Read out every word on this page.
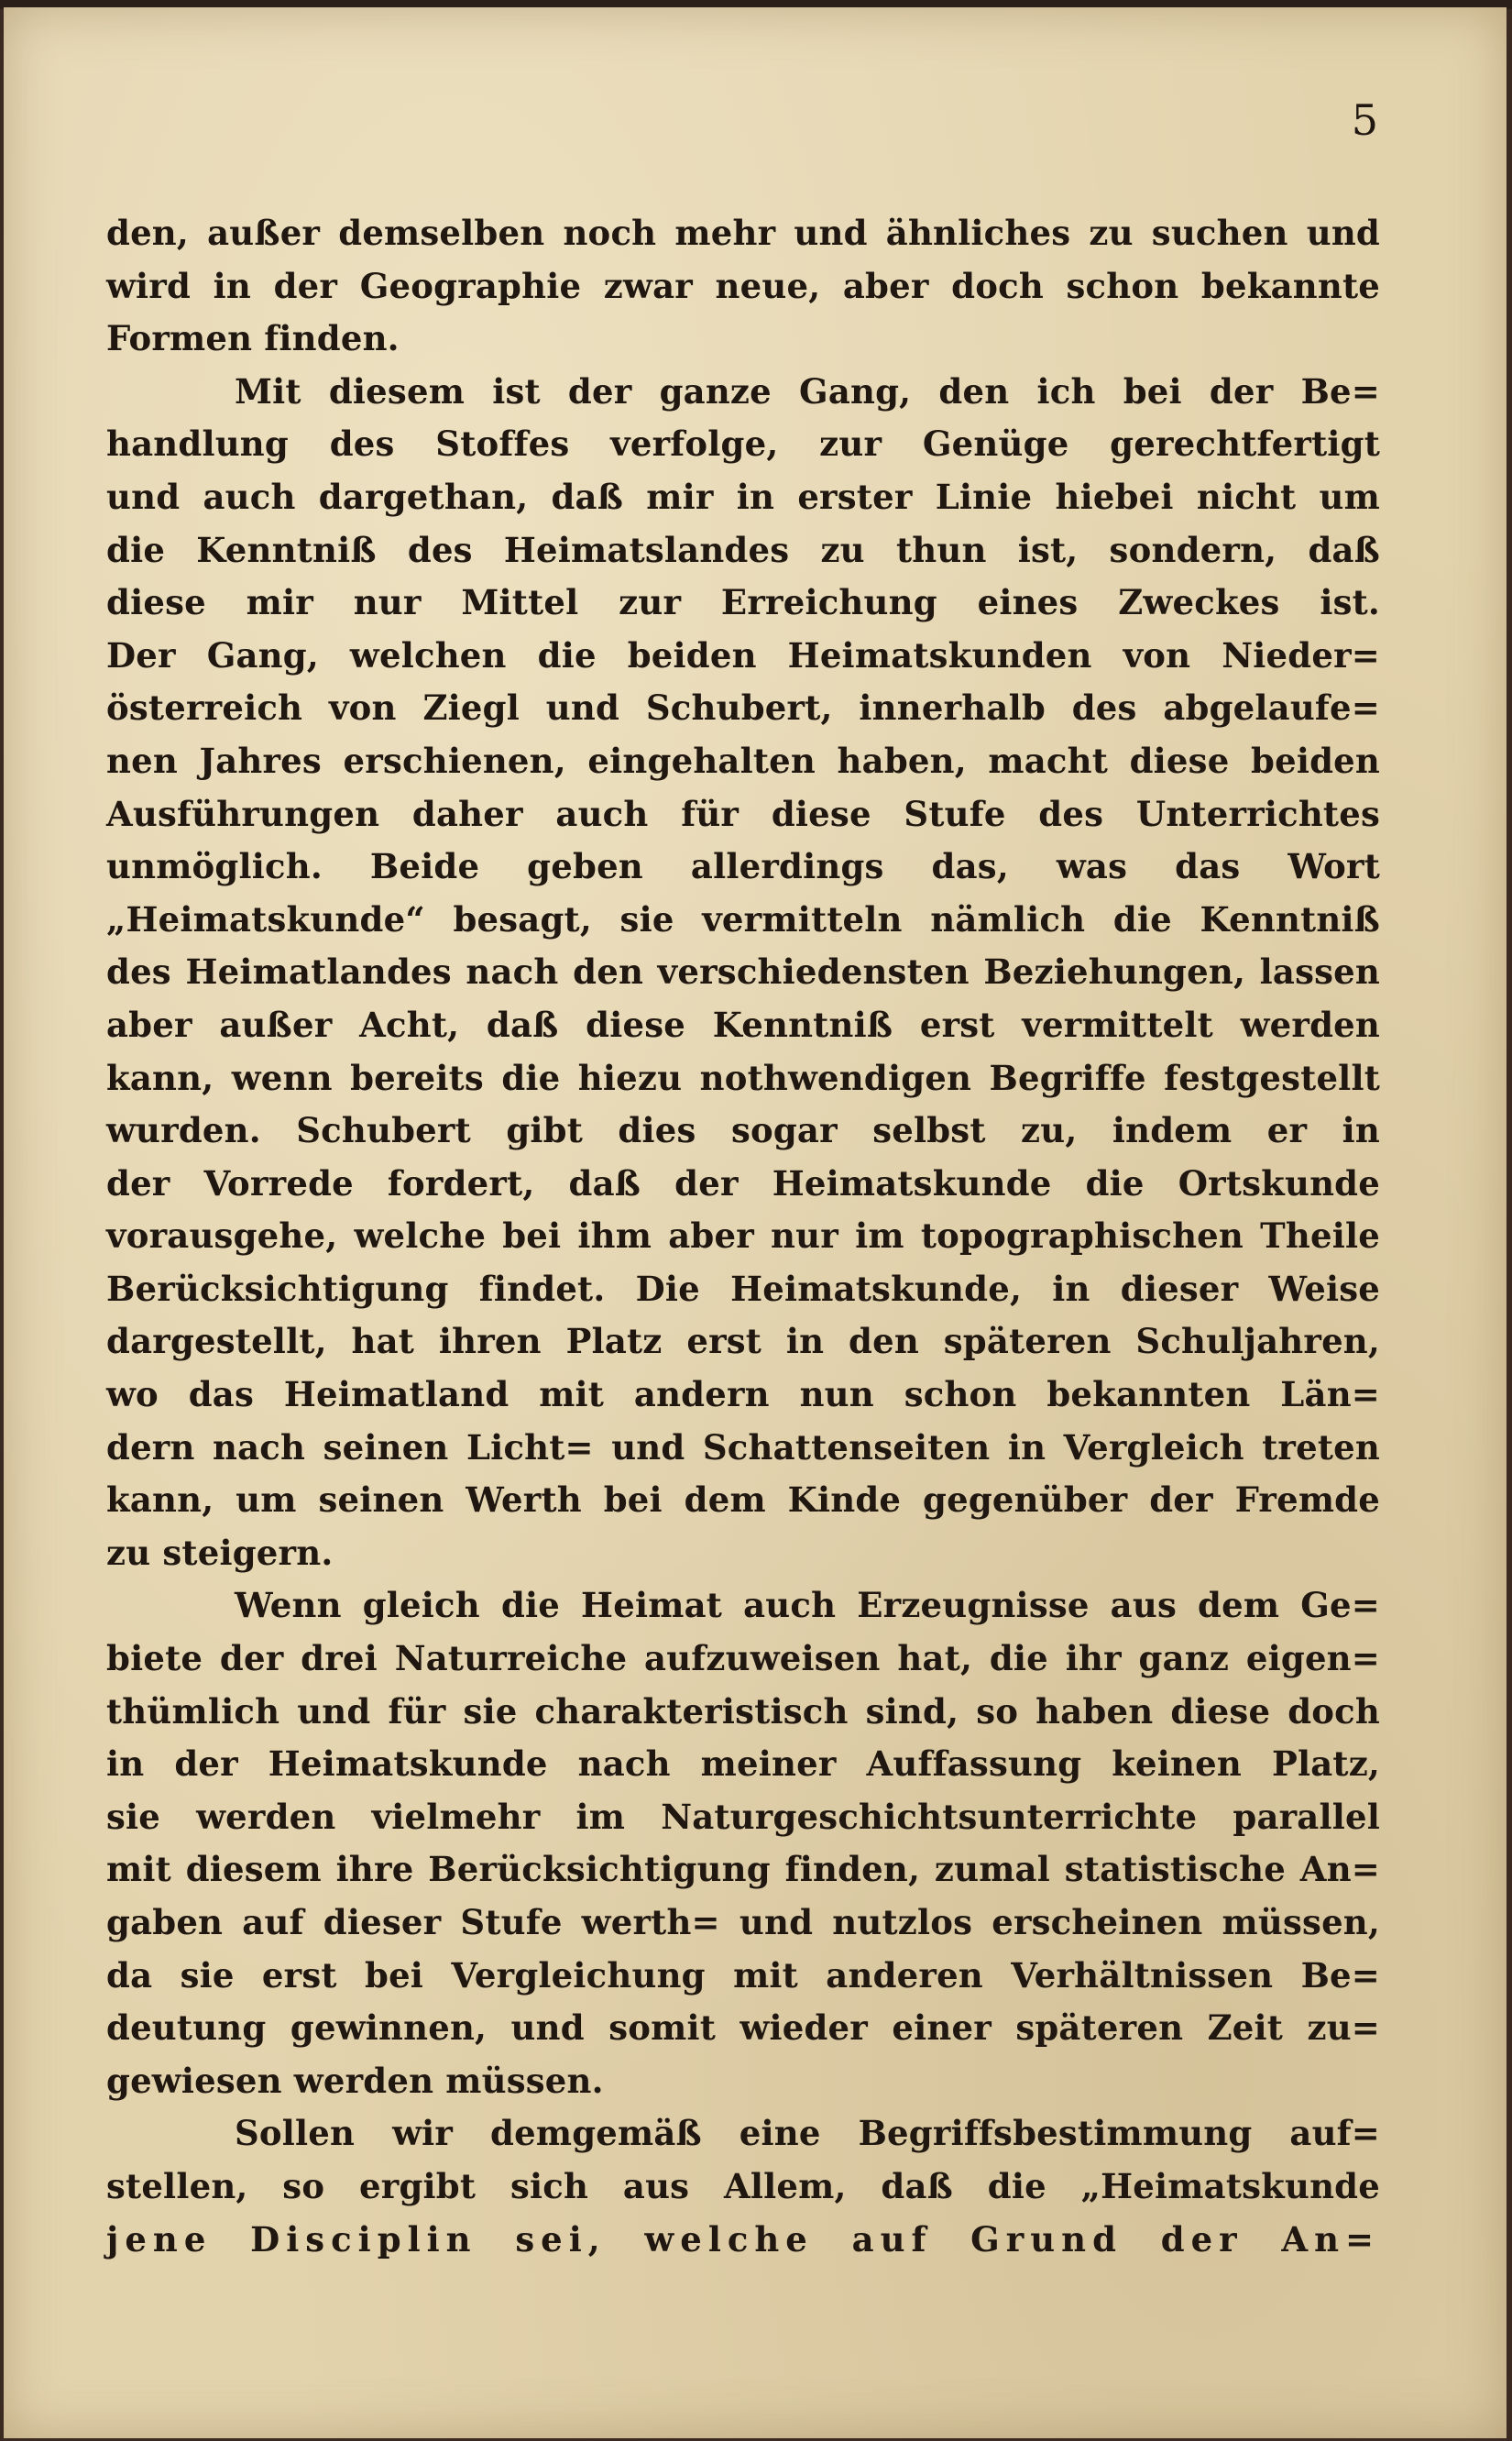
5
den, außer demselben noch mehr und ähnliches zu suchen und
wird in der Geographie zwar neue, aber doch schon bekannte
Formen finden.
Mit diesem ist der ganze Gang, den ich bei der Be=
handlung des Stoffes verfolge, zur Genüge gerechtfertigt
und auch dargethan, daß mir in erster Linie hiebei nicht um
die Kenntniß des Heimatslandes zu thun ist, sondern, daß
diese mir nur Mittel zur Erreichung eines Zweckes ist.
Der Gang, welchen die beiden Heimatskunden von Nieder=
österreich von Ziegl und Schubert, innerhalb des abgelaufe=
nen Jahres erschienen, eingehalten haben, macht diese beiden
Ausführungen daher auch für diese Stufe des Unterrichtes
unmöglich. Beide geben allerdings das, was das Wort
„Heimatskunde“ besagt, sie vermitteln nämlich die Kenntniß
des Heimatlandes nach den verschiedensten Beziehungen, lassen
aber außer Acht, daß diese Kenntniß erst vermittelt werden
kann, wenn bereits die hiezu nothwendigen Begriffe festgestellt
wurden. Schubert gibt dies sogar selbst zu, indem er in
der Vorrede fordert, daß der Heimatskunde die Ortskunde
vorausgehe, welche bei ihm aber nur im topographischen Theile
Berücksichtigung findet. Die Heimatskunde, in dieser Weise
dargestellt, hat ihren Platz erst in den späteren Schuljahren,
wo das Heimatland mit andern nun schon bekannten Län=
dern nach seinen Licht= und Schattenseiten in Vergleich treten
kann, um seinen Werth bei dem Kinde gegenüber der Fremde
zu steigern.
Wenn gleich die Heimat auch Erzeugnisse aus dem Ge=
biete der drei Naturreiche aufzuweisen hat, die ihr ganz eigen=
thümlich und für sie charakteristisch sind, so haben diese doch
in der Heimatskunde nach meiner Auffassung keinen Platz,
sie werden vielmehr im Naturgeschichtsunterrichte parallel
mit diesem ihre Berücksichtigung finden, zumal statistische An=
gaben auf dieser Stufe werth= und nutzlos erscheinen müssen,
da sie erst bei Vergleichung mit anderen Verhältnissen Be=
deutung gewinnen, und somit wieder einer späteren Zeit zu=
gewiesen werden müssen.
Sollen wir demgemäß eine Begriffsbestimmung auf=
stellen, so ergibt sich aus Allem, daß die „Heimatskunde
jene Disciplin sei, welche auf Grund der An=
